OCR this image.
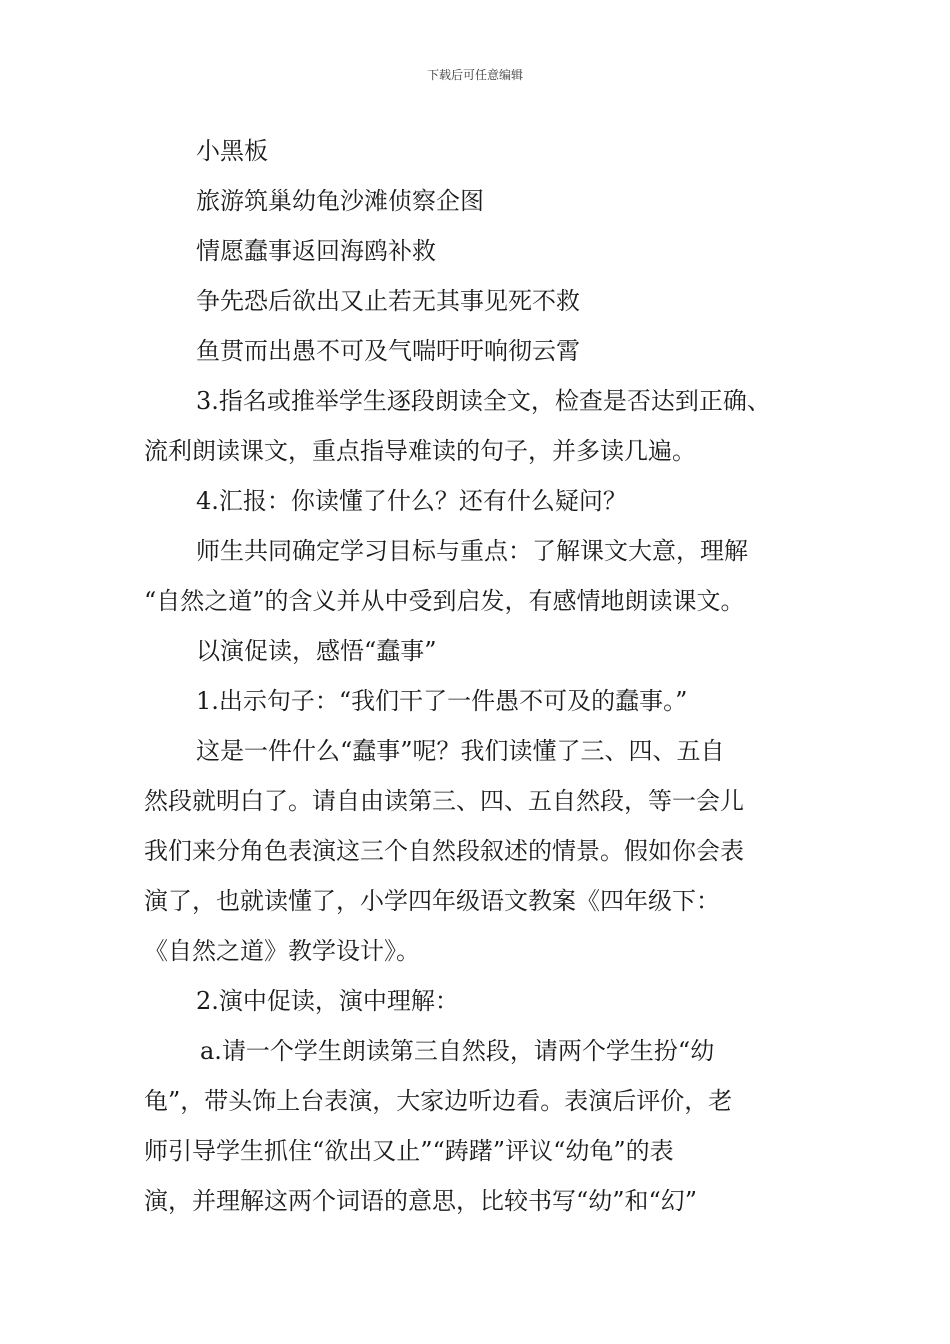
下载后可任意编辑
小黑板
旅游筑巢幼龟沙滩侦察企图
情愿蠢事返回海鸥补救
争先恐后欲出又止若无其事见死不救
鱼贯而出愚不可及气喘吁吁响彻云霄
3.指名或推举学生逐段朗读全文，检查是否达到正确、
流利朗读课文，重点指导难读的句子，并多读几遍。
4.汇报：你读懂了什么？还有什么疑问？
师生共同确定学习目标与重点：了解课文大意，理解
“自然之道”的含义并从中受到启发，有感情地朗读课文。
以演促读，感悟“蠢事”
1.出示句子：“我们干了一件愚不可及的蠢事。”
这是一件什么“蠢事”呢？我们读懂了三、四、五自
然段就明白了。请自由读第三、四、五自然段，等一会儿
我们来分角色表演这三个自然段叙述的情景。假如你会表
演了，也就读懂了，小学四年级语文教案《四年级下：
《自然之道》教学设计》。
2.演中促读，演中理解：
a.请一个学生朗读第三自然段，请两个学生扮“幼
龟”，带头饰上台表演，大家边听边看。表演后评价，老
师引导学生抓住“欲出又止”“踌躇”评议“幼龟”的表
演，并理解这两个词语的意思，比较书写“幼”和“幻”
